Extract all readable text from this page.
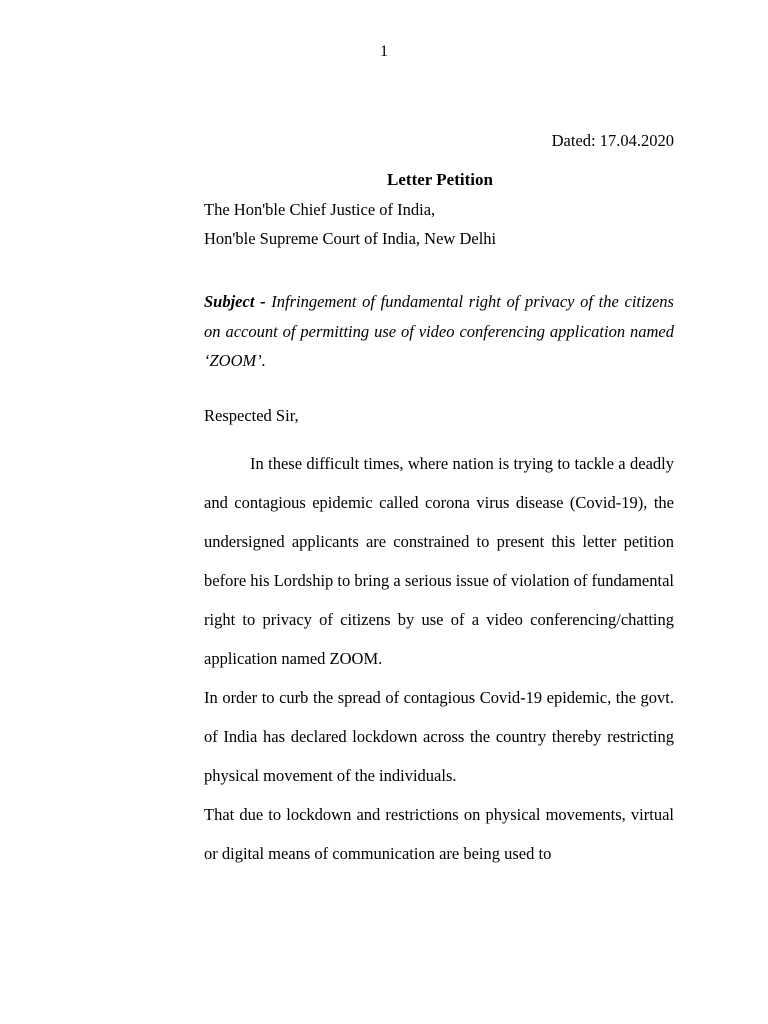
1
Dated: 17.04.2020
Letter Petition
The Hon'ble Chief Justice of India,
Hon'ble Supreme Court of India, New Delhi
Subject - Infringement of fundamental right of privacy of the citizens on account of permitting use of video conferencing application named ‘ZOOM’.
Respected Sir,

In these difficult times, where nation is trying to tackle a deadly and contagious epidemic called corona virus disease (Covid-19), the undersigned applicants are constrained to present this letter petition before his Lordship to bring a serious issue of violation of fundamental right to privacy of citizens by use of a video conferencing/chatting application named ZOOM.

In order to curb the spread of contagious Covid-19 epidemic, the govt. of India has declared lockdown across the country thereby restricting physical movement of the individuals.

That due to lockdown and restrictions on physical movements, virtual or digital means of communication are being used to
